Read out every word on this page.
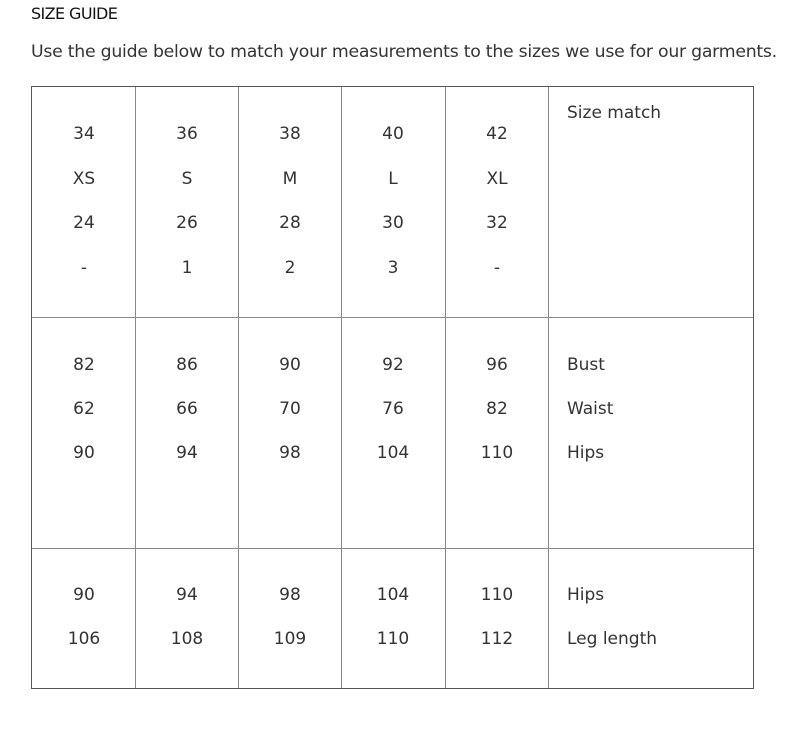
SIZE GUIDE
Use the guide below to match your measurements to the sizes we use for our garments.
Size match
34	36	38	40	42
XS	S	M	L	XL
24	26	28	30	32
-	1	2	3	-
82	86	90	92	96	Bust
62	66	70	76	82	Waist
90	94	98	104	110	Hips
90	94	98	104	110	Hips
106	108	109	110	112	Leg length
